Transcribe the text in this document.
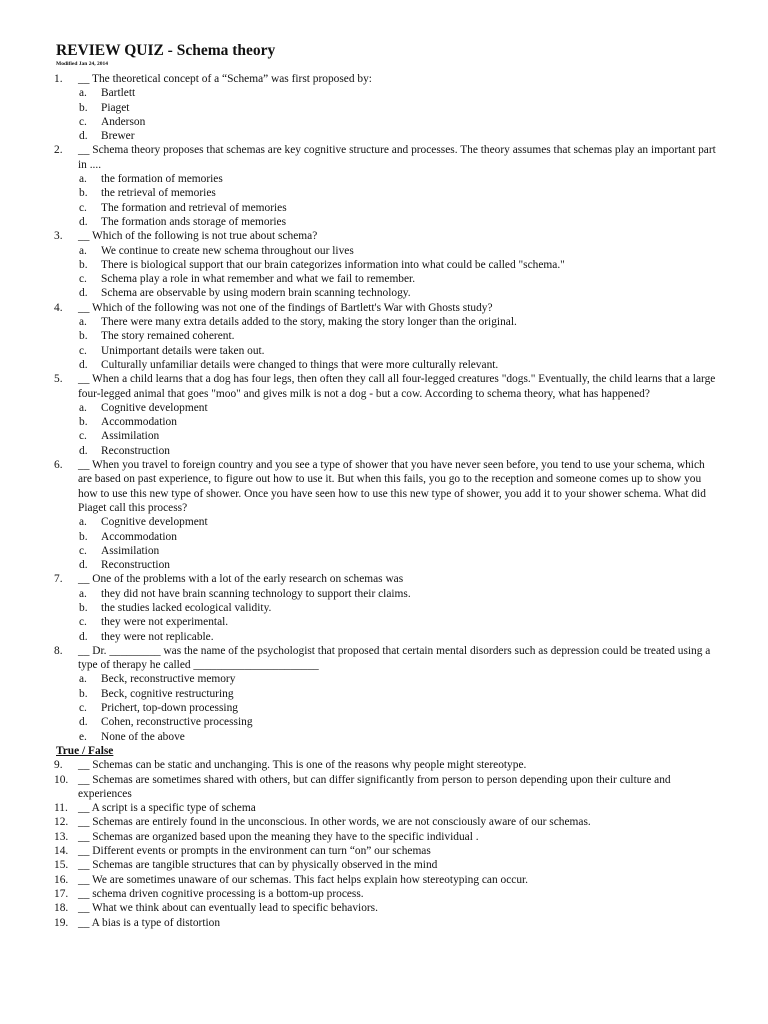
REVIEW QUIZ - Schema theory
Modified Jan 24, 2014
1.	__ The theoretical concept of a “Schema” was first proposed by:
a. Bartlett
b. Piaget
c. Anderson
d. Brewer
2.	__ Schema theory proposes that schemas are key cognitive structure and processes. The theory assumes that schemas play an important part in ....
a. the formation of memories
b. the retrieval of memories
c. The formation and retrieval of memories
d. The formation ands storage of memories
3.	__ Which of the following is not true about schema?
a. We continue to create new schema throughout our lives
b. There is biological support that our brain categorizes information into what could be called "schema."
c. Schema play a role in what remember and what we fail to remember.
d. Schema are observable by using modern brain scanning technology.
4.	__ Which of the following was not one of the findings of Bartlett's War with Ghosts study?
a. There were many extra details added to the story, making the story longer than the original.
b. The story remained coherent.
c. Unimportant details were taken out.
d. Culturally unfamiliar details were changed to things that were more culturally relevant.
5.	__ When a child learns that a dog has four legs, then often they call all four-legged creatures "dogs." Eventually, the child learns that a large four-legged animal that goes "moo" and gives milk is not a dog - but a cow. According to schema theory, what has happened?
a. Cognitive development
b. Accommodation
c. Assimilation
d. Reconstruction
6.	__ When you travel to foreign country and you see a type of shower that you have never seen before, you tend to use your schema, which are based on past experience, to figure out how to use it. But when this fails, you go to the reception and someone comes up to show you how to use this new type of shower. Once you have seen how to use this new type of shower, you add it to your shower schema. What did Piaget call this process?
a. Cognitive development
b. Accommodation
c. Assimilation
d. Reconstruction
7.	__ One of the problems with a lot of the early research on schemas was
a. they did not have brain scanning technology to support their claims.
b. the studies lacked ecological validity.
c. they were not experimental.
d. they were not replicable.
8.	__ Dr. _________ was the name of the psychologist that proposed that certain mental disorders such as depression could be treated using a type of therapy he called ______________________
a. Beck, reconstructive memory
b. Beck, cognitive restructuring
c. Prichert, top-down processing
d. Cohen, reconstructive processing
e. None of the above
True / False
9.	__ Schemas can be static and unchanging. This is one of the reasons why people might stereotype.
10. __ Schemas are sometimes shared with others, but can differ significantly from person to person depending upon their culture and experiences
11. __ A script is a specific type of schema
12. __ Schemas are entirely found in the unconscious. In other words, we are not consciously aware of our schemas.
13. __ Schemas are organized based upon the meaning they have to the specific individual .
14. __ Different events or prompts in the environment can turn “on” our schemas
15. __ Schemas are tangible structures that can by physically observed in the mind
16. __ We are sometimes unaware of our schemas. This fact helps explain how stereotyping can occur.
17. __ schema driven cognitive processing is a bottom-up process.
18. __ What we think about can eventually lead to specific behaviors.
19. __ A bias is a type of distortion
